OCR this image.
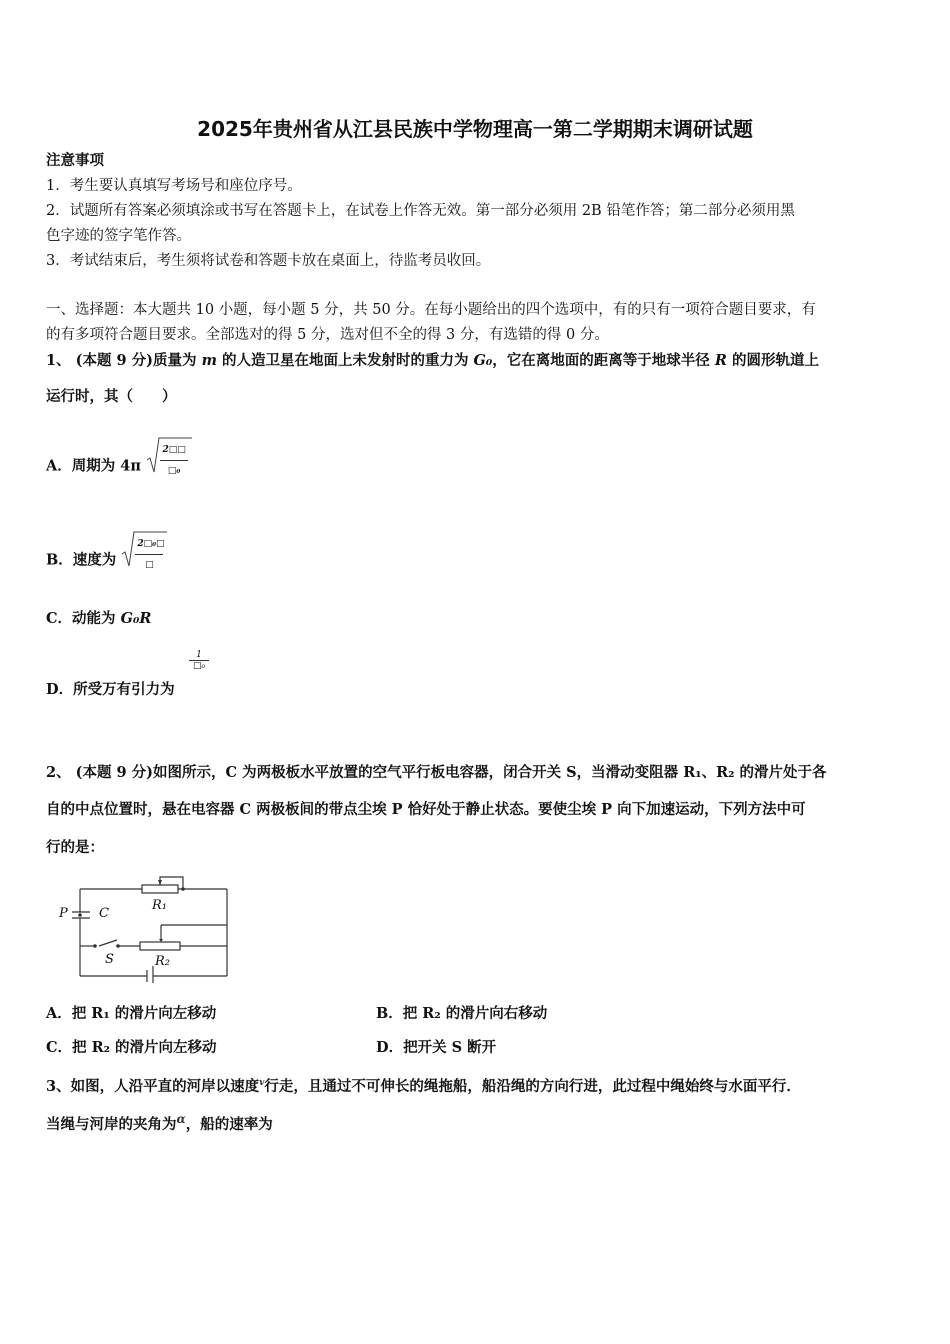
2025年贵州省从江县民族中学物理高一第二学期期末调研试题
注意事项
1．考生要认真填写考场号和座位序号。
2．试题所有答案必须填涂或书写在答题卡上，在试卷上作答无效。第一部分必须用 2B 铅笔作答；第二部分必须用黑
色字迹的签字笔作答。
3．考试结束后，考生须将试卷和答题卡放在桌面上，待监考员收回。
一、选择题：本大题共 10 小题，每小题 5 分，共 50 分。在每小题给出的四个选项中，有的只有一项符合题目要求，有
的有多项符合题目要求。全部选对的得 5 分，选对但不全的得 3 分，有选错的得 0 分。
1、 (本题 9 分)质量为 m 的人造卫星在地面上未发射时的重力为 G₀，它在离地面的距离等于地球半径 R 的圆形轨道上
运行时，其（　　）
A．周期为 $4\pi \frac{2□□}{\text{□₀}}$
B．速度为 $\frac{\text{2□₀□}}{□}$
C．动能为 G₀R
D．所受万有引力为
$\frac{1}{\text{□₀}}$
2、 (本题 9 分)如图所示，C 为两极板水平放置的空气平行板电容器，闭合开关 S，当滑动变阻器 R₁、R₂ 的滑片处于各
自的中点位置时，悬在电容器 C 两极板间的带点尘埃 P 恰好处于静止状态。要使尘埃 P 向下加速运动，下列方法中可
行的是：
P C
R₁
S	R₂
A．把 R₁ 的滑片向左移动	B．把 R₂ 的滑片向右移动
C．把 R₂ 的滑片向左移动	D．把开关 S 断开
3、如图，人沿平直的河岸以速度$^v$行走，且通过不可伸长的绳拖船，船沿绳的方向行进，此过程中绳始终与水面平行．
当绳与河岸的夹角为$^\alpha$，船的速率为
